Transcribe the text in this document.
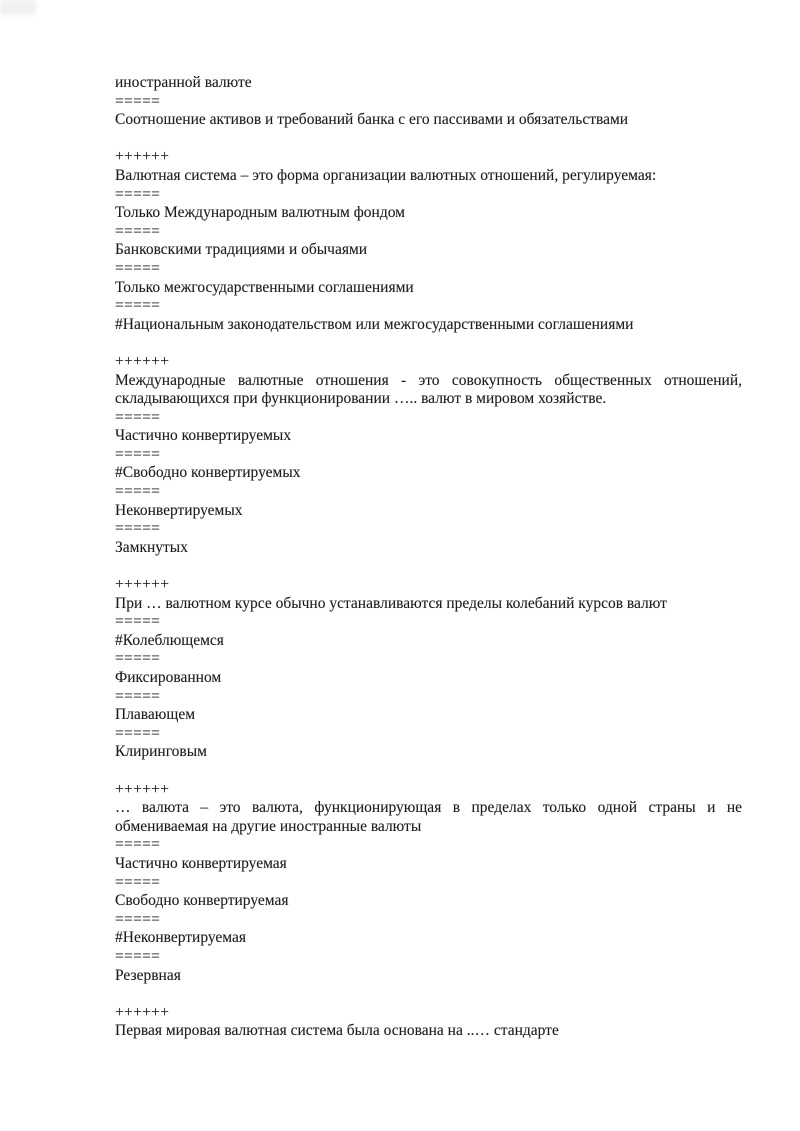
иностранной валюте
=====
Соотношение активов и требований банка с его пассивами и обязательствами

++++++
Валютная система – это форма организации валютных отношений, регулируемая:
=====
Только Международным валютным фондом
=====
Банковскими традициями и обычаями
=====
Только межгосударственными соглашениями
=====
#Национальным законодательством или межгосударственными соглашениями

++++++
Международные валютные отношения - это совокупность общественных отношений,
складывающихся при функционировании ….. валют в мировом хозяйстве.
=====
Частично конвертируемых
=====
#Свободно конвертируемых
=====
Неконвертируемых
=====
Замкнутых

++++++
При … валютном курсе обычно устанавливаются пределы колебаний курсов валют
=====
#Колеблющемся
=====
Фиксированном
=====
Плавающем
=====
Клиринговым

++++++
… валюта – это валюта, функционирующая в пределах только одной страны и не
обмениваемая на другие иностранные валюты
=====
Частично конвертируемая
=====
Свободно конвертируемая
=====
#Неконвертируемая
=====
Резервная

++++++
Первая мировая валютная система была основана на ..… стандарте
